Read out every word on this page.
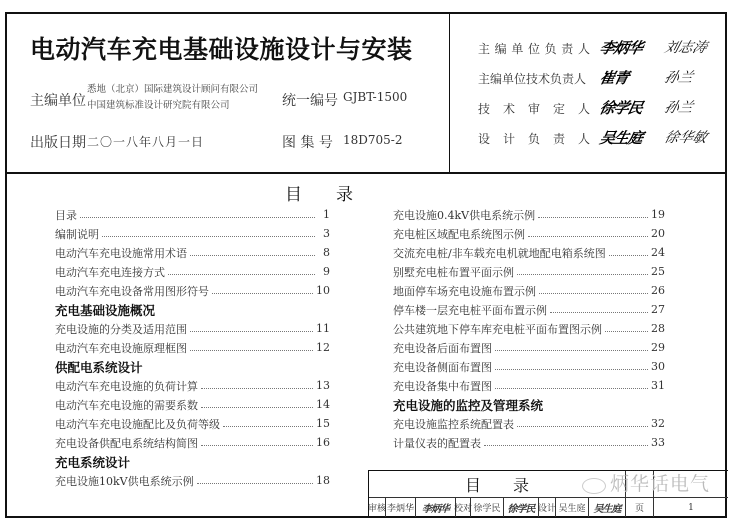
电动汽车充电基础设施设计与安装
主编单位
悉地（北京）国际建筑设计顾问有限公司
中国建筑标准设计研究院有限公司	统一编号 GJBT-1500
出版日期 二〇一八年八月一日	图 集 号 18D705-2
主 编 单 位 负 责 人 李炳华 刘志涛
主编单位技术负责人 崔青 孙兰
技 术 审 定 人 徐学民 孙兰
设 计 负 责 人 吴生庭 徐华敏
目　　录
目录	1
编制说明	3
电动汽车充电设施常用术语	8
电动汽车充电连接方式	9
电动汽车充电设备常用图形符号	10
充电基础设施概况
充电设施的分类及适用范围	11
电动汽车充电设施原理框图	12
供配电系统设计
电动汽车充电设施的负荷计算	13
电动汽车充电设施的需要系数	14
电动汽车充电设施配比及负荷等级	15
充电设备供配电系统结构简图	16
充电系统设计
充电设施10kV供电系统示例	18
充电设施0.4kV供电系统示例	19
充电桩区域配电系统图示例	20
交流充电桩/非车载充电机就地配电箱系统图	24
别墅充电桩布置平面示例	25
地面停车场充电设施布置示例	26
停车楼一层充电桩平面布置示例	27
公共建筑地下停车库充电桩平面布置图示例	28
充电设备后面布置图	29
充电设备侧面布置图	30
充电设备集中布置图	31
充电设施的监控及管理系统
充电设施监控系统配置表	32
计量仪表的配置表	33
目　　录
审核 李炳华 李炳华 校对 徐学民 徐学民 设计 吴生庭 吴生庭	页	1
炳华话电气
